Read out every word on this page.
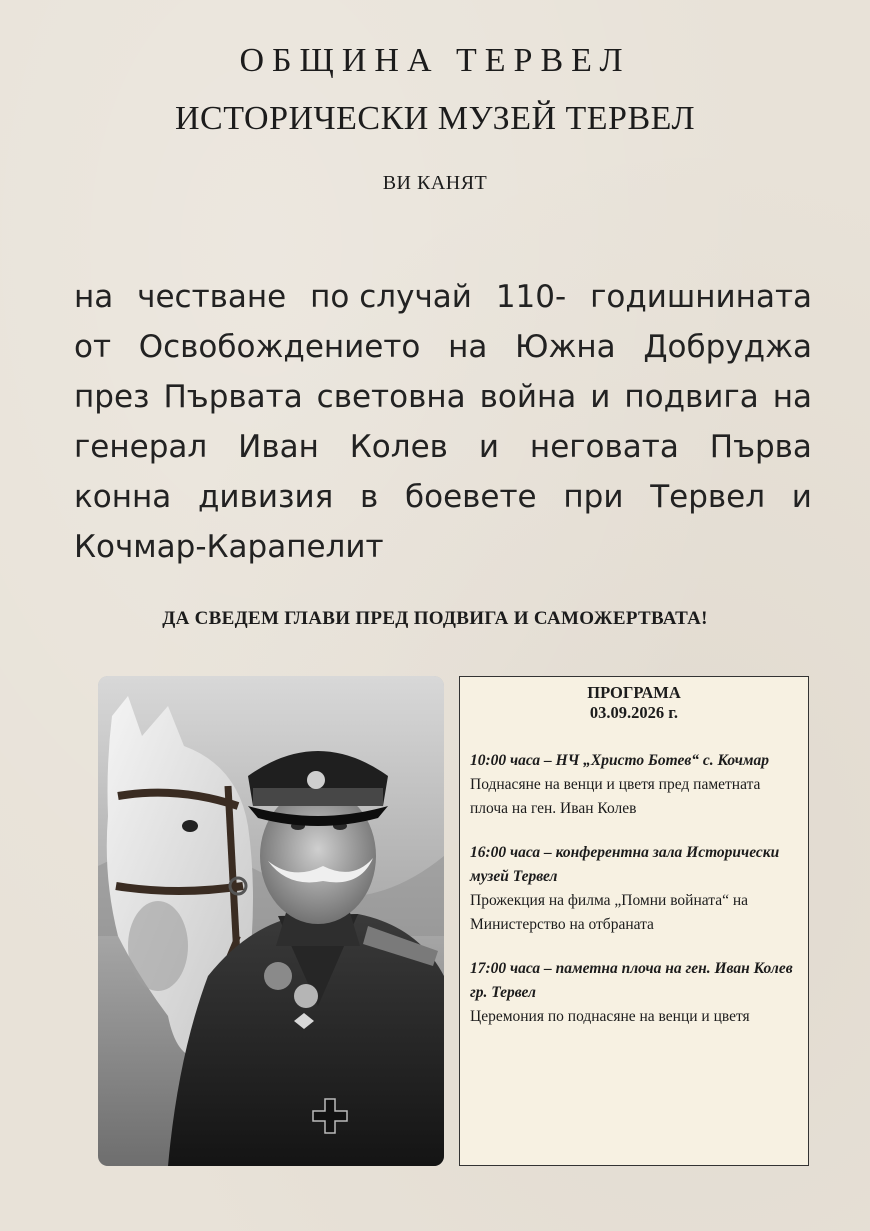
ОБЩИНА ТЕРВЕЛ
ИСТОРИЧЕСКИ МУЗЕЙ ТЕРВЕЛ
ВИ КАНЯТ
на честване по случай 110- годишнината
от Освобождението на Южна Добруджа
през Първата световна война и подвига на
генерал Иван Колев и неговата Първа
конна дивизия в боевете при Тервел и
Кочмар-Карапелит
ДА СВЕДЕМ ГЛАВИ ПРЕД ПОДВИГА И САМОЖЕРТВАТА!
ПРОГРАМА
03.09.2026 г.
10:00 часа – НЧ „Христо Ботев“ с. Кочмар
Поднасяне на венци и цветя пред паметната плоча на ген. Иван Колев
16:00 часа – конферентна зала Исторически музей Тервел
Прожекция на филма „Помни войната“ на Министерство на отбраната
17:00 часа – паметна плоча на ген. Иван Колев гр. Тервел
Церемония по поднасяне на венци и цветя
